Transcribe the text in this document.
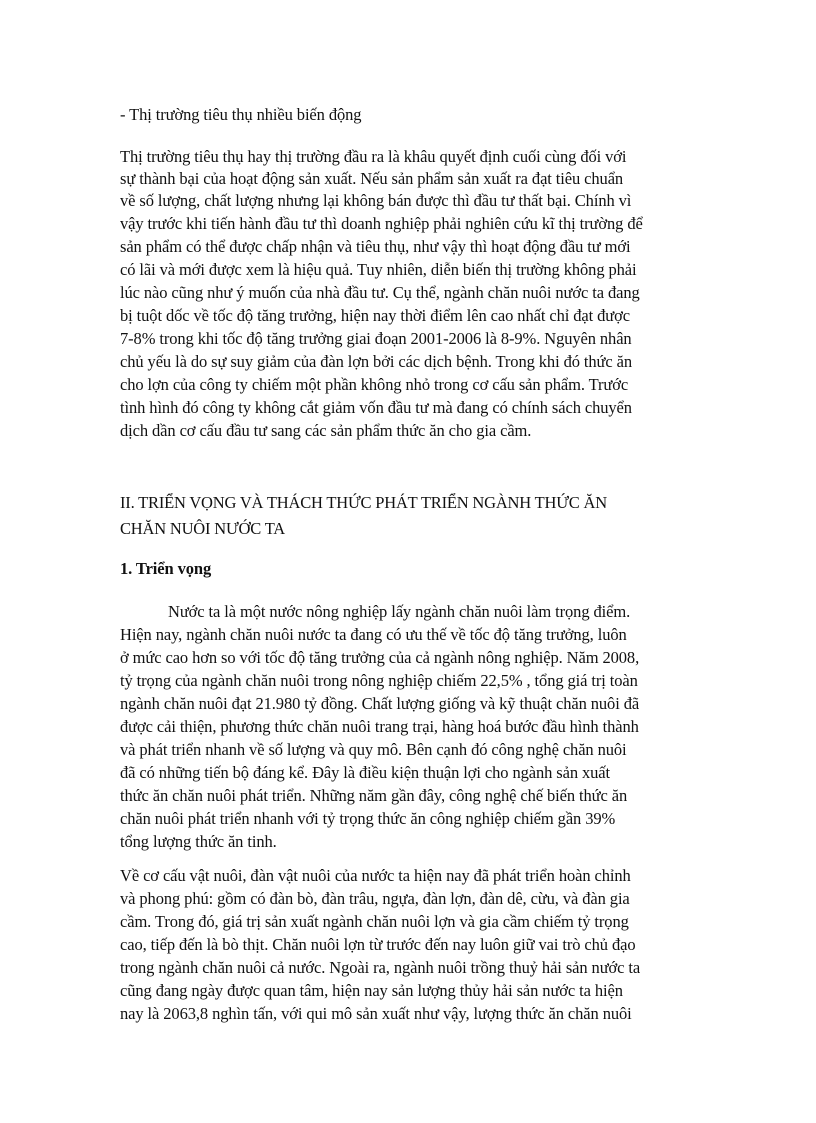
- Thị trường tiêu thụ nhiều biến động
Thị trường tiêu thụ hay thị trường đầu ra là khâu quyết định cuối cùng đối với
sự thành bại của hoạt động sản xuất. Nếu sản phẩm sản xuất ra đạt tiêu chuẩn
về số lượng, chất lượng nhưng lại không bán được thì đầu tư thất bại. Chính vì
vậy trước khi tiến hành đầu tư thì doanh nghiệp phải nghiên cứu kĩ thị trường để
sản phẩm có thể được chấp nhận và tiêu thụ, như vậy thì hoạt động đầu tư mới
có lãi và mới được xem là hiệu quả. Tuy nhiên, diễn biến thị trường không phải
lúc nào cũng như ý muốn của nhà đầu tư. Cụ thể, ngành chăn nuôi nước ta đang
bị tuột dốc về tốc độ tăng trưởng, hiện nay thời điểm lên cao nhất chỉ đạt được
7-8% trong khi tốc độ tăng trưởng giai đoạn 2001-2006 là 8-9%. Nguyên nhân
chủ yếu là do sự suy giảm của đàn lợn bởi các dịch bệnh. Trong khi đó thức ăn
cho lợn của công ty chiếm một phần không nhỏ trong cơ cấu sản phẩm. Trước
tình hình đó công ty không cắt giảm vốn đầu tư mà đang có chính sách chuyển
dịch dần cơ cấu đầu tư sang các sản phẩm thức ăn cho gia cầm.
II. TRIỂN VỌNG VÀ THÁCH THỨC PHÁT TRIỂN NGÀNH THỨC ĂN
CHĂN NUÔI NƯỚC TA
1. Triển vọng
Nước ta là một nước nông nghiệp lấy ngành chăn nuôi làm trọng điểm.
Hiện nay, ngành chăn nuôi nước ta đang có ưu thế về tốc độ tăng trưởng, luôn
ở mức cao hơn so với tốc độ tăng trưởng của cả ngành nông nghiệp. Năm 2008,
tỷ trọng của ngành chăn nuôi trong nông nghiệp chiếm 22,5% , tổng giá trị toàn
ngành chăn nuôi đạt 21.980 tỷ đồng. Chất lượng giống và kỹ thuật chăn nuôi đã
được cải thiện, phương thức chăn nuôi trang trại, hàng hoá bước đầu hình thành
và phát triển nhanh về số lượng và quy mô. Bên cạnh đó công nghệ chăn nuôi
đã có những tiến bộ đáng kể. Đây là điều kiện thuận lợi cho ngành sản xuất
thức ăn chăn nuôi phát triển. Những năm gần đây, công nghệ chế biến thức ăn
chăn nuôi phát triển nhanh với tỷ trọng thức ăn công nghiệp chiếm gần 39%
tổng lượng thức ăn tinh.
Về cơ cấu vật nuôi, đàn vật nuôi của nước ta hiện nay đã phát triển hoàn chỉnh
và phong phú: gồm có đàn bò, đàn trâu, ngựa, đàn lợn, đàn dê, cừu, và đàn gia
cầm. Trong đó, giá trị sản xuất ngành chăn nuôi lợn và gia cầm chiếm tỷ trọng
cao, tiếp đến là bò thịt. Chăn nuôi lợn từ trước đến nay luôn giữ vai trò chủ đạo
trong ngành chăn nuôi cả nước. Ngoài ra, ngành nuôi trồng thuỷ hải sản nước ta
cũng đang ngày được quan tâm, hiện nay sản lượng thủy hải sản nước ta hiện
nay là 2063,8 nghìn tấn, với qui mô sản xuất như vậy, lượng thức ăn chăn nuôi
